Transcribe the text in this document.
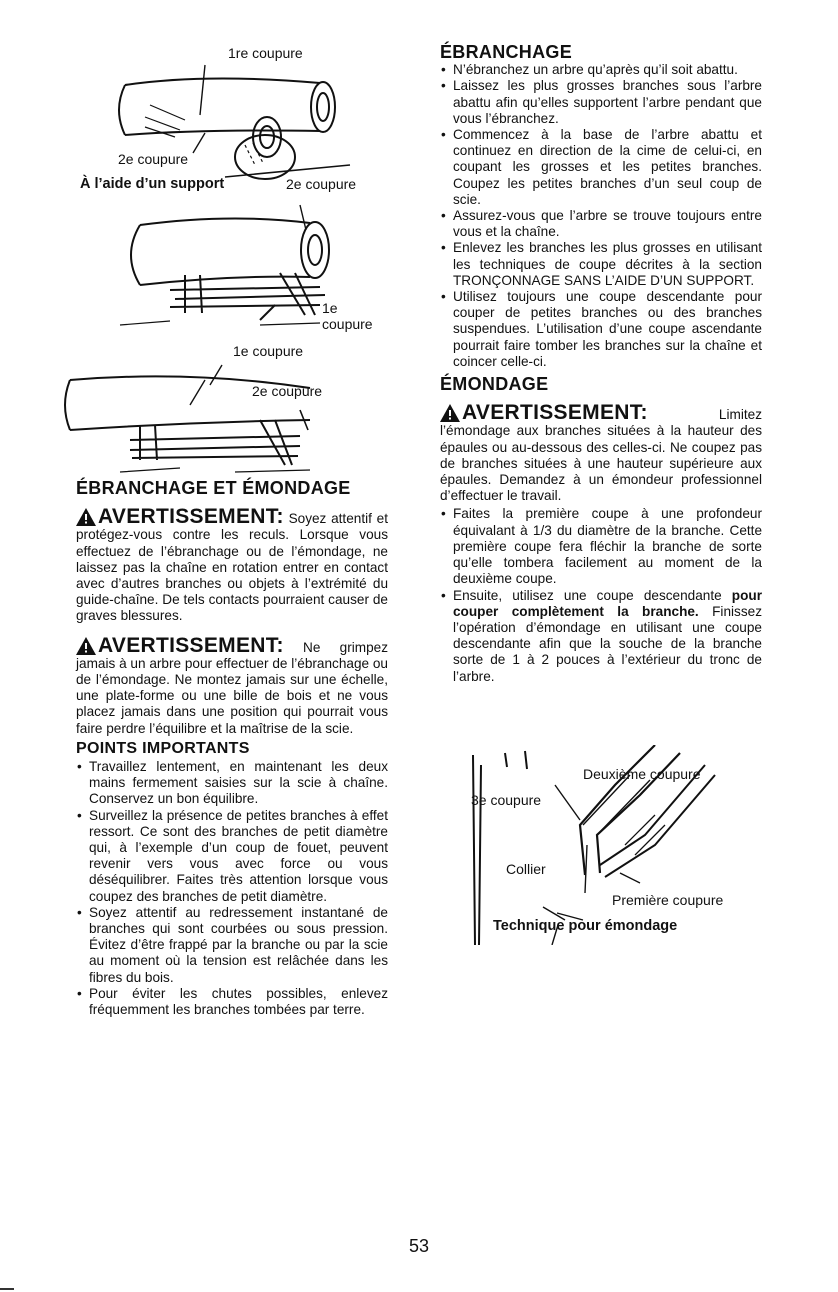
1re coupure
2e coupure
À l’aide d’un support	2e coupure
1e
coupure
1e coupure
2e coupure
ÉBRANCHAGE ET ÉMONDAGE

AVERTISSEMENT: Soyez attentif et protégez-vous contre les reculs. Lorsque vous effectuez de l’ébranchage ou de l’émondage, ne laissez pas la chaîne en rotation entrer en contact avec d’autres branches ou objets à l’extrémité du guide-chaîne. De tels contacts pourraient causer de graves blessures.

AVERTISSEMENT: Ne grimpez jamais à un arbre pour effectuer de l’ébranchage ou de l’émondage. Ne montez jamais sur une échelle, une plate-forme ou une bille de bois et ne vous placez jamais dans une position qui pourrait vous faire perdre l’équilibre et la maîtrise de la scie.

POINTS IMPORTANTS

• Travaillez lentement, en maintenant les deux mains fermement saisies sur la scie à chaîne. Conservez un bon équilibre.
• Surveillez la présence de petites branches à effet ressort. Ce sont des branches de petit diamètre qui, à l’exemple d’un coup de fouet, peuvent revenir vers vous avec force ou vous déséquilibrer. Faites très attention lorsque vous coupez des branches de petit diamètre.
• Soyez attentif au redressement instantané de branches qui sont courbées ou sous pression. Évitez d’être frappé par la branche ou par la scie au moment où la tension est relâchée dans les fibres du bois.
• Pour éviter les chutes possibles, enlevez fréquemment les branches tombées par terre.
ÉBRANCHAGE
• N’ébranchez un arbre qu’après qu’il soit abattu.
• Laissez les plus grosses branches sous l’arbre abattu afin qu’elles supportent l’arbre pendant que vous l’ébranchez.
• Commencez à la base de l’arbre abattu et continuez en direction de la cime de celui-ci, en coupant les grosses et les petites branches. Coupez les petites branches d’un seul coup de scie.
• Assurez-vous que l’arbre se trouve toujours entre vous et la chaîne.
• Enlevez les branches les plus grosses en utilisant les techniques de coupe décrites à la section TRONÇONNAGE SANS L’AIDE D’UN SUPPORT.
• Utilisez toujours une coupe descendante pour couper de petites branches ou des branches suspendues. L’utilisation d’une coupe ascendante pourrait faire tomber les branches sur la chaîne et coincer celle-ci.
ÉMONDAGE

AVERTISSEMENT: Limitez l’émondage aux branches situées à la hauteur des épaules ou au-dessous des celles-ci. Ne coupez pas de branches situées à une hauteur supérieure aux épaules. Demandez à un émondeur professionnel d’effectuer le travail.

• Faites la première coupe à une profondeur équivalant à 1/3 du diamètre de la branche. Cette première coupe fera fléchir la branche de sorte qu’elle tombera facilement au moment de la deuxième coupe.
• Ensuite, utilisez une coupe descendante pour couper complètement la branche. Finissez l’opération d’émondage en utilisant une coupe descendante afin que la souche de la branche sorte de 1 à 2 pouces à l’extérieur du tronc de l’arbre.
Deuxième coupure
3e coupure
Collier
Première coupure
Technique pour émondage
53
